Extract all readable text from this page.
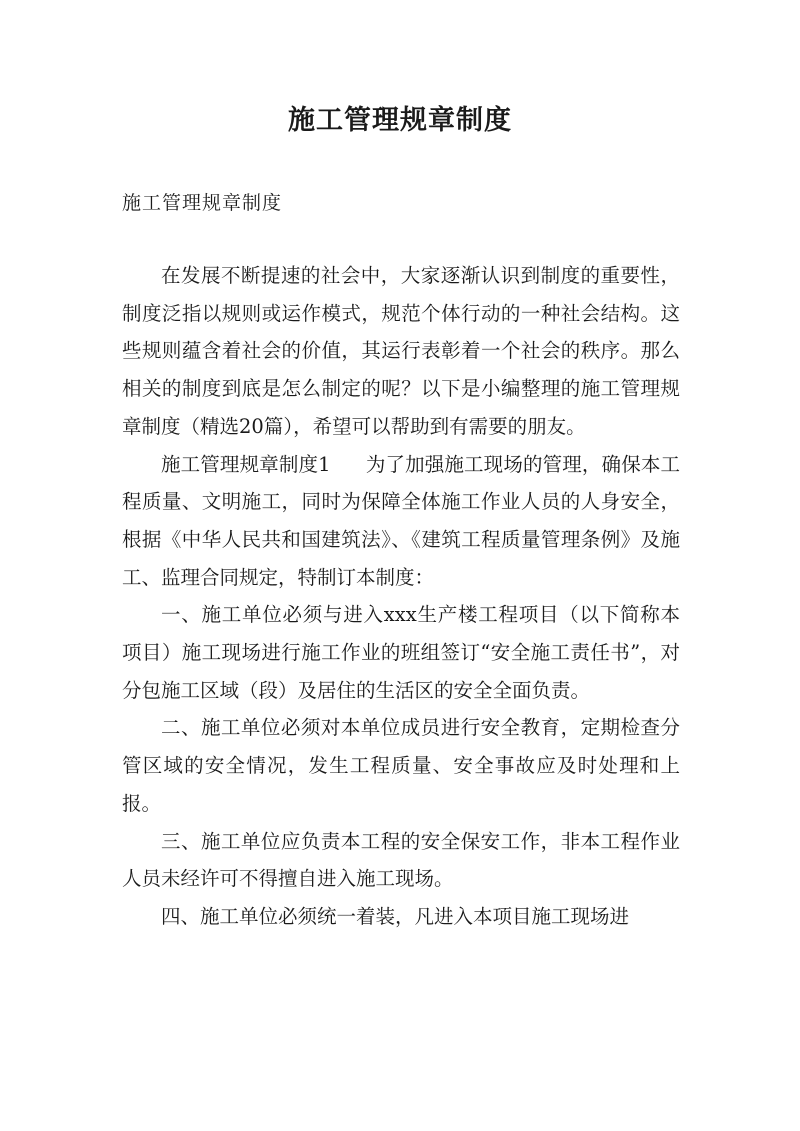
施工管理规章制度

施工管理规章制度

在发展不断提速的社会中，大家逐渐认识到制度的重要性，制度泛指以规则或运作模式，规范个体行动的一种社会结构。这些规则蕴含着社会的价值，其运行表彰着一个社会的秩序。那么相关的制度到底是怎么制定的呢？以下是小编整理的施工管理规章制度（精选20篇），希望可以帮助到有需要的朋友。

施工管理规章制度1 为了加强施工现场的管理，确保本工程质量、文明施工，同时为保障全体施工作业人员的人身安全，根据《中华人民共和国建筑法》、《建筑工程质量管理条例》及施工、监理合同规定，特制订本制度：

一、施工单位必须与进入xxx生产楼工程项目（以下简称本项目）施工现场进行施工作业的班组签订“安全施工责任书”，对分包施工区域（段）及居住的生活区的安全全面负责。

二、施工单位必须对本单位成员进行安全教育，定期检查分管区域的安全情况，发生工程质量、安全事故应及时处理和上报。

三、施工单位应负责本工程的安全保安工作，非本工程作业人员未经许可不得擅自进入施工现场。

四、施工单位必须统一着装，凡进入本项目施工现场进
